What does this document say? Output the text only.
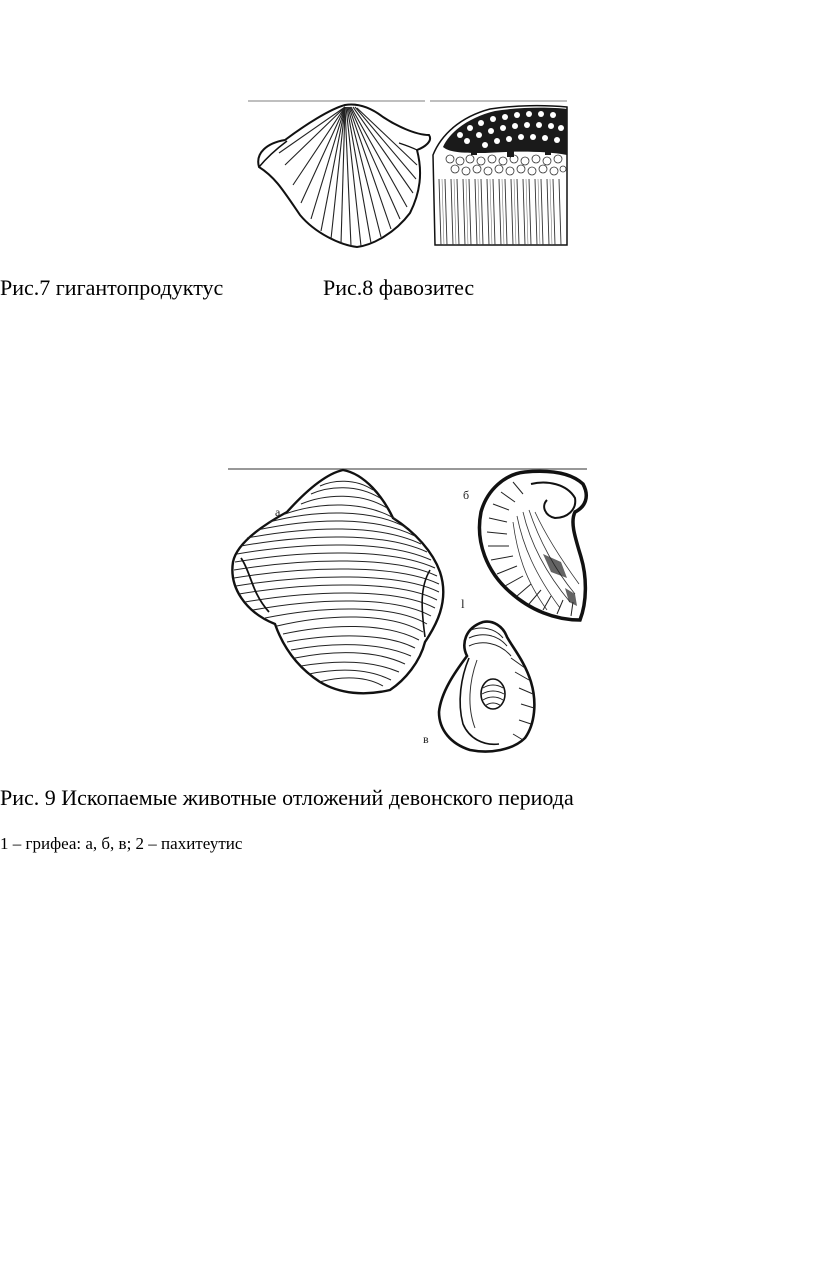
Рис.7 гигантопродуктус	Рис.8 фавозитес
а
б
l
в
Рис. 9 Ископаемые животные отложений девонского периода
1 – грифеа: а, б, в; 2 – пахитеутис
